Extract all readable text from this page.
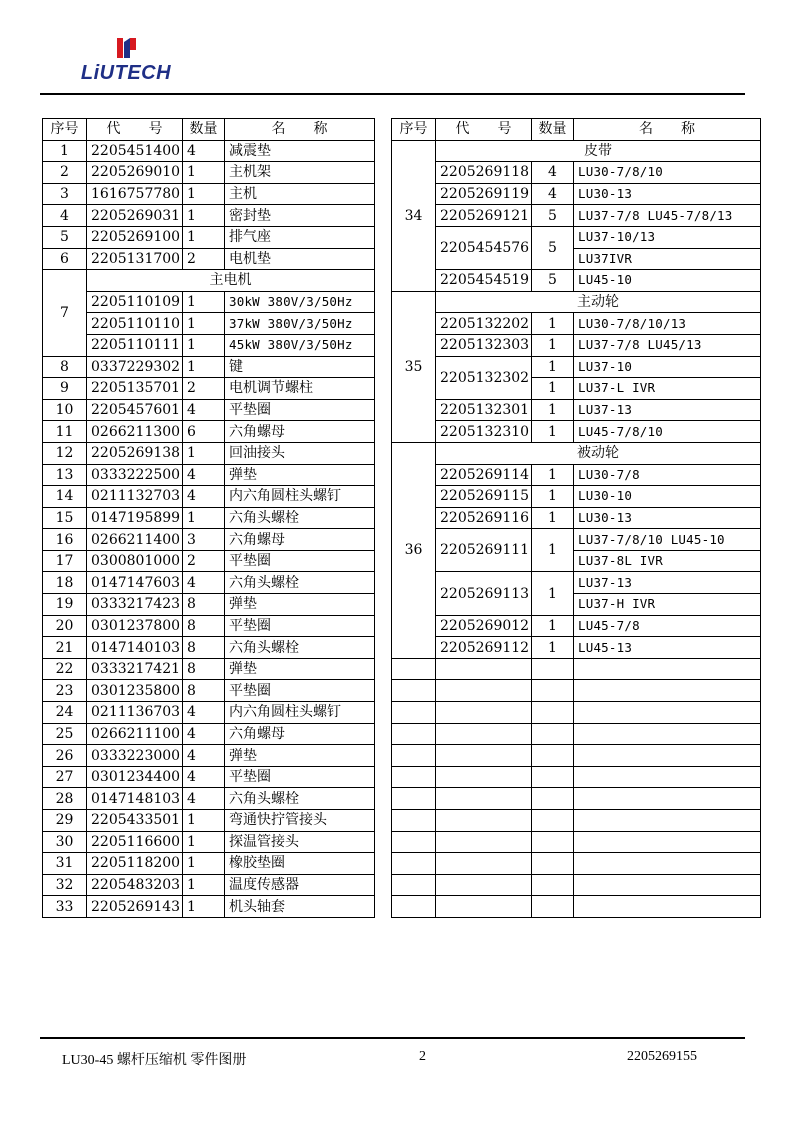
LiUTECH
序号	代　　号	数量	名　　称
1	2205451400	4	减震垫
2	2205269010	1	主机架
3	1616757780	1	主机
4	2205269031	1	密封垫
5	2205269100	1	排气座
6	2205131700	2	电机垫
7	主电机		
	2205110109	1	30kW 380V/3/50Hz
	2205110110	1	37kW 380V/3/50Hz
	2205110111	1	45kW 380V/3/50Hz
8	0337229302	1	键
9	2205135701	2	电机调节螺柱
10	2205457601	4	平垫圈
11	0266211300	6	六角螺母
12	2205269138	1	回油接头
13	0333222500	4	弹垫
14	0211132703	4	内六角圆柱头螺钉
15	0147195899	1	六角头螺栓
16	0266211400	3	六角螺母
17	0300801000	2	平垫圈
18	0147147603	4	六角头螺栓
19	0333217423	8	弹垫
20	0301237800	8	平垫圈
21	0147140103	8	六角头螺栓
22	0333217421	8	弹垫
23	0301235800	8	平垫圈
24	0211136703	4	内六角圆柱头螺钉
25	0266211100	4	六角螺母
26	0333223000	4	弹垫
27	0301234400	4	平垫圈
28	0147148103	4	六角头螺栓
29	2205433501	1	弯通快拧管接头
30	2205116600	1	探温管接头
31	2205118200	1	橡胶垫圈
32	2205483203	1	温度传感器
33	2205269143	1	机头轴套
序号	代　　号	数量	名　　称
34	皮带		
	2205269118	4	LU30-7/8/10
	2205269119	4	LU30-13
	2205269121	5	LU37-7/8 LU45-7/8/13
	2205454576	5	LU37-10/13
			LU37IVR
	2205454519	5	LU45-10
35	主动轮		
	2205132202	1	LU30-7/8/10/13
	2205132303	1	LU37-7/8 LU45/13
	2205132302	1	LU37-10
		1	LU37-L IVR
	2205132301	1	LU37-13
	2205132310	1	LU45-7/8/10
36	被动轮		
	2205269114	1	LU30-7/8
	2205269115	1	LU30-10
	2205269116	1	LU30-13
	2205269111	1	LU37-7/8/10 LU45-10
			LU37-8L IVR
	2205269113	1	LU37-13
			LU37-H IVR
	2205269012	1	LU45-7/8
	2205269112	1	LU45-13

LU30-45 螺杆压缩机 零件图册	2	2205269155
